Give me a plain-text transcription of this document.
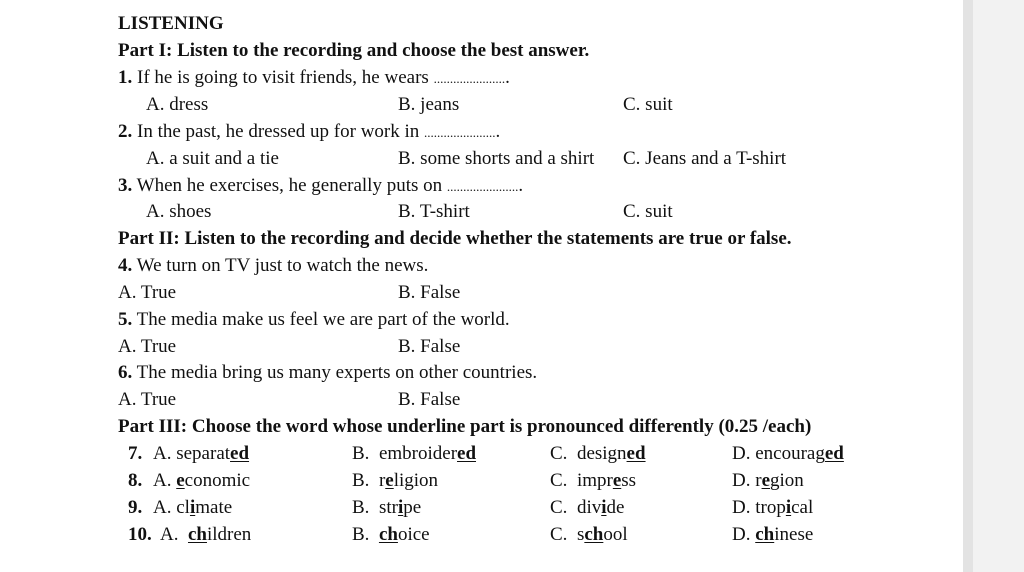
LISTENING
Part I: Listen to the recording and choose the best answer.
1. If he is going to visit friends, he wears .......................
A. dress	B. jeans	C. suit
2. In the past, he dressed up for work in .......................
A. a suit and a tie	B. some shorts and a shirt C. Jeans and a T-shirt
3. When he exercises, he generally puts on .......................
A. shoes	B. T-shirt	C. suit
Part II: Listen to the recording and decide whether the statements are true or false.
4. We turn on TV just to watch the news.
A. True	B. False
5. The media make us feel we are part of the world.
A. True	B. False
6. The media bring us many experts on other countries.
A. True	B. False
Part III: Choose the word whose underline part is pronounced differently (0.25 /each)
7. A. separated	B. embroidered	C. designed	D. encouraged
8. A. economic	B. religion	C. impress	D. region
9. A. climate	B. stripe	C. divide	D. tropical
10. A. children	B. choice	C. school	D. chinese
